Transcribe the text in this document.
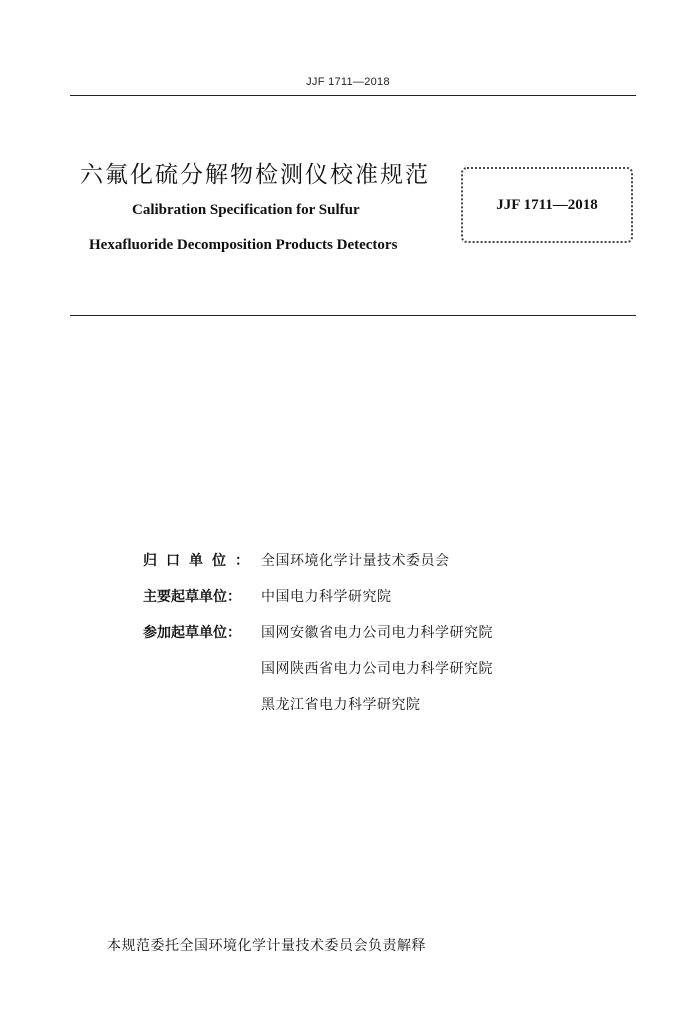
JJF 1711—2018
六氟化硫分解物检测仪校准规范
Calibration Specification for Sulfur
Hexafluoride Decomposition Products Detectors
JJF 1711—2018
归口单位： 全国环境化学计量技术委员会
主要起草单位：	中国电力科学研究院
参加起草单位：	国网安徽省电力公司电力科学研究院
国网陕西省电力公司电力科学研究院
黑龙江省电力科学研究院
本规范委托全国环境化学计量技术委员会负责解释
